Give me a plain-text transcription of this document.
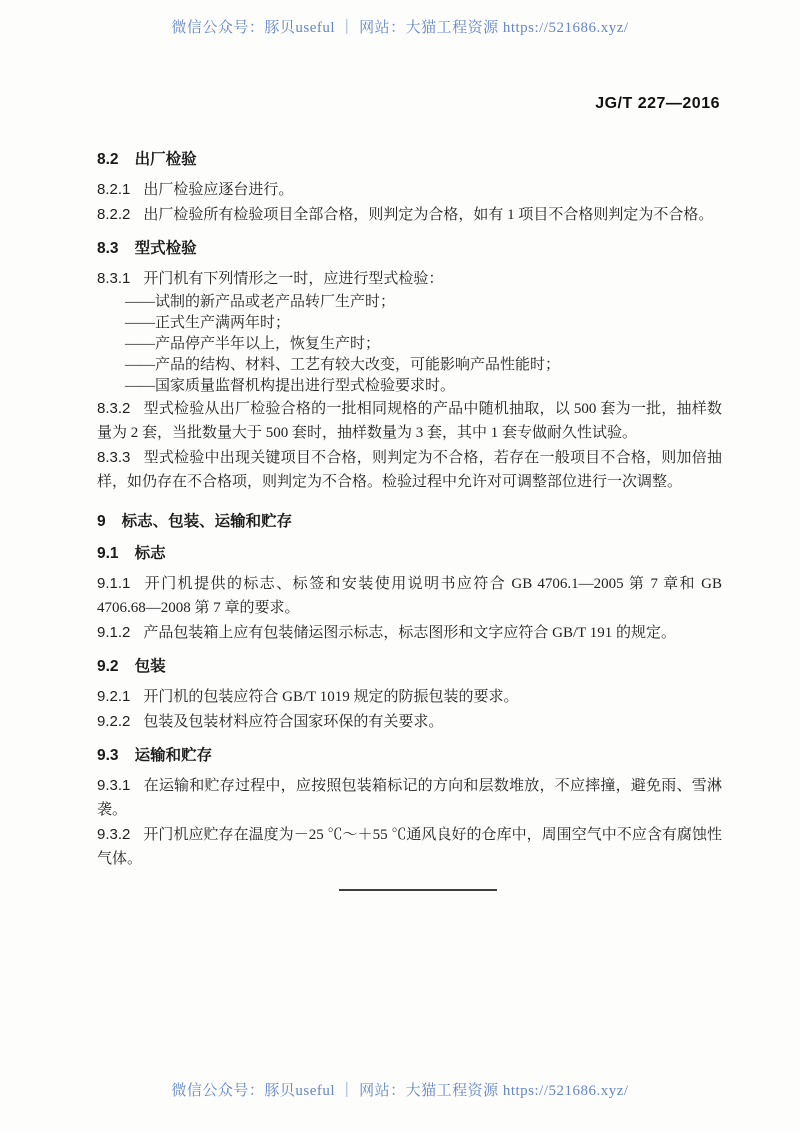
微信公众号：豚贝useful ｜ 网站：大猫工程资源 https://521686.xyz/
JG/T 227—2016
8.2 出厂检验
8.2.1 出厂检验应逐台进行。
8.2.2 出厂检验所有检验项目全部合格，则判定为合格，如有 1 项目不合格则判定为不合格。
8.3 型式检验
8.3.1 开门机有下列情形之一时，应进行型式检验：
——试制的新产品或老产品转厂生产时；
——正式生产满两年时；
——产品停产半年以上，恢复生产时；
——产品的结构、材料、工艺有较大改变，可能影响产品性能时；
——国家质量监督机构提出进行型式检验要求时。
8.3.2 型式检验从出厂检验合格的一批相同规格的产品中随机抽取，以 500 套为一批，抽样数量为 2 套，当批数量大于 500 套时，抽样数量为 3 套，其中 1 套专做耐久性试验。
8.3.3 型式检验中出现关键项目不合格，则判定为不合格，若存在一般项目不合格，则加倍抽样，如仍存在不合格项，则判定为不合格。检验过程中允许对可调整部位进行一次调整。
9 标志、包装、运输和贮存
9.1 标志
9.1.1 开门机提供的标志、标签和安装使用说明书应符合 GB 4706.1—2005 第 7 章和 GB 4706.68—2008 第 7 章的要求。
9.1.2 产品包装箱上应有包装储运图示标志，标志图形和文字应符合 GB/T 191 的规定。
9.2 包装
9.2.1 开门机的包装应符合 GB/T 1019 规定的防振包装的要求。
9.2.2 包装及包装材料应符合国家环保的有关要求。
9.3 运输和贮存
9.3.1 在运输和贮存过程中，应按照包装箱标记的方向和层数堆放，不应摔撞，避免雨、雪淋袭。
9.3.2 开门机应贮存在温度为－25 ℃～＋55 ℃通风良好的仓库中，周围空气中不应含有腐蚀性气体。
微信公众号：豚贝useful ｜ 网站：大猫工程资源 https://521686.xyz/
